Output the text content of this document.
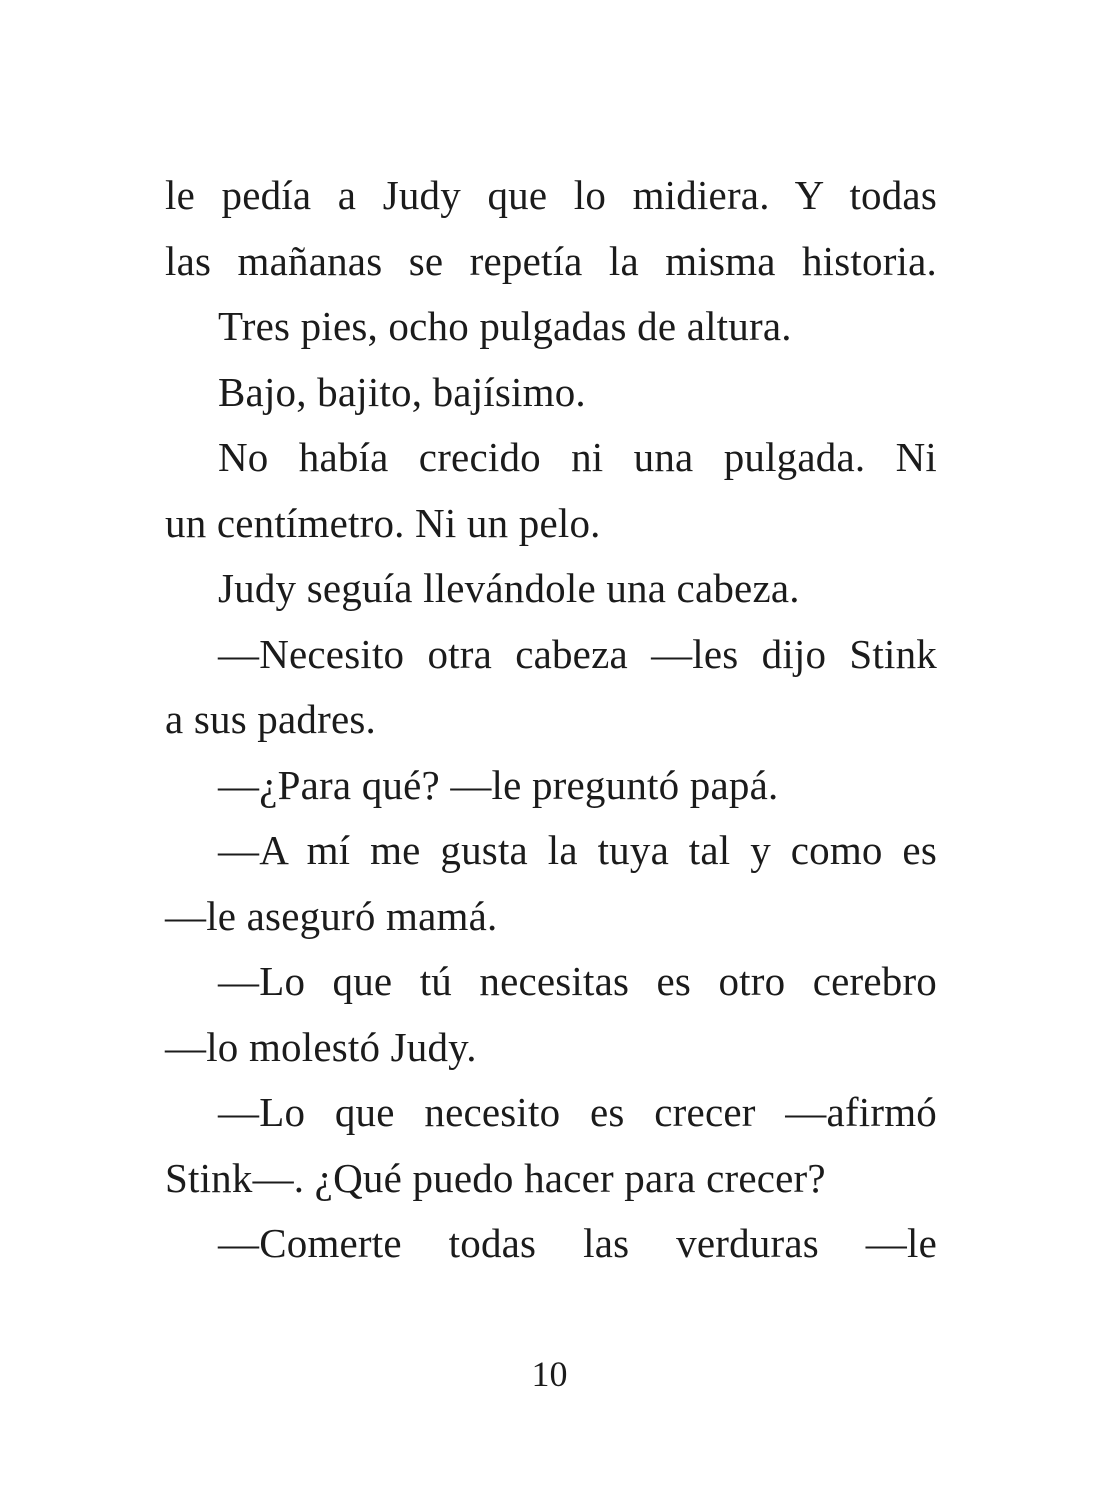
le pedía a Judy que lo midiera. Y todas
las mañanas se repetía la misma historia.
Tres pies, ocho pulgadas de altura.
Bajo, bajito, bajísimo.
No había crecido ni una pulgada. Ni
un centímetro. Ni un pelo.
Judy seguía llevándole una cabeza.
—Necesito otra cabeza —les dijo Stink
a sus padres.
—¿Para qué? —le preguntó papá.
—A mí me gusta la tuya tal y como es
—le aseguró mamá.
—Lo que tú necesitas es otro cerebro
—lo molestó Judy.
—Lo que necesito es crecer —afirmó
Stink—. ¿Qué puedo hacer para crecer?
—Comerte todas las verduras —le
10
